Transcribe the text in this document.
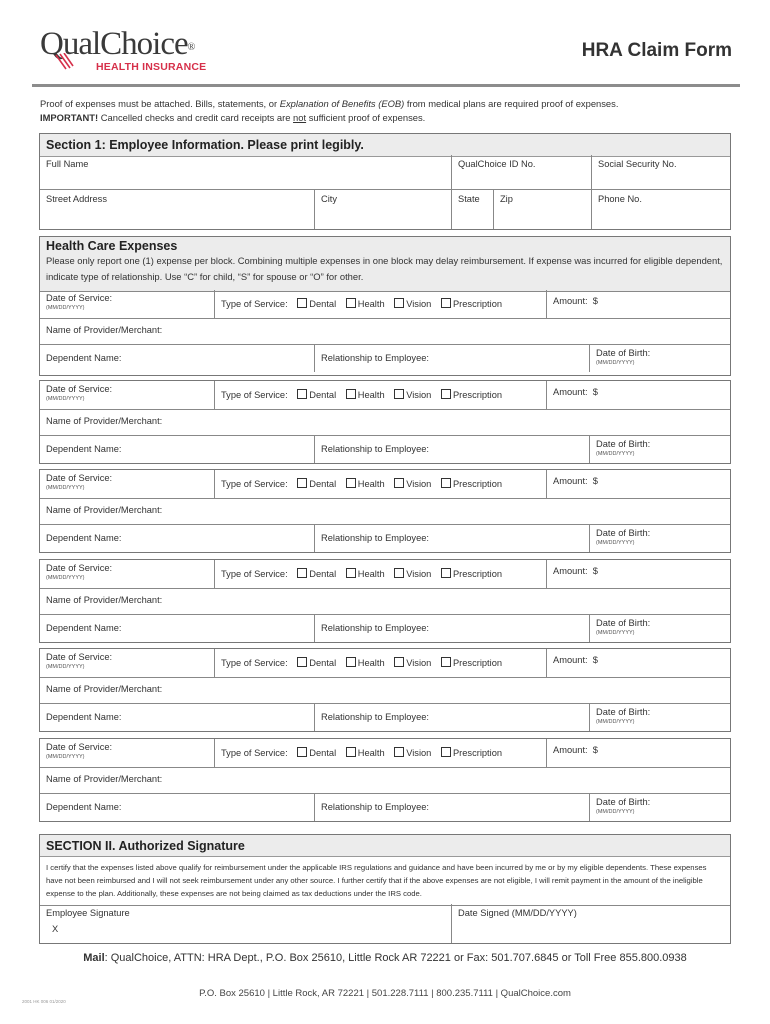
QualChoice®
HEALTH INSURANCE
HRA Claim Form
Proof of expenses must be attached. Bills, statements, or Explanation of Benefits (EOB) from medical plans are required proof of expenses.
IMPORTANT! Cancelled checks and credit card receipts are not sufficient proof of expenses.
Section 1: Employee Information. Please print legibly.
Full Name	QualChoice ID No.	Social Security No.
Street Address	City	State	Zip	Phone No.
Health Care Expenses
Please only report one (1) expense per block. Combining multiple expenses in one block may delay reimbursement. If expense was incurred for eligible dependent, indicate type of relationship. Use “C” for child, “S” for spouse or “O” for other.
Date of Service:
(MM/DD/YYYY)	Type of Service: Dental Health Vision Prescription	Amount: $
Name of Provider/Merchant:
Dependent Name:	Relationship to Employee:	Date of Birth:
(MM/DD/YYYY)
Date of Service:
(MM/DD/YYYY)	Type of Service: Dental Health Vision Prescription	Amount: $
Name of Provider/Merchant:
Dependent Name:	Relationship to Employee:	Date of Birth:
(MM/DD/YYYY)
Date of Service:
(MM/DD/YYYY)	Type of Service: Dental Health Vision Prescription	Amount: $
Name of Provider/Merchant:
Dependent Name:	Relationship to Employee:	Date of Birth:
(MM/DD/YYYY)
Date of Service:
(MM/DD/YYYY)	Type of Service: Dental Health Vision Prescription	Amount: $
Name of Provider/Merchant:
Dependent Name:	Relationship to Employee:	Date of Birth:
(MM/DD/YYYY)
Date of Service:
(MM/DD/YYYY)	Type of Service: Dental Health Vision Prescription	Amount: $
Name of Provider/Merchant:
Dependent Name:	Relationship to Employee:	Date of Birth:
(MM/DD/YYYY)
Date of Service:
(MM/DD/YYYY)	Type of Service: Dental Health Vision Prescription	Amount: $
Name of Provider/Merchant:
Dependent Name:	Relationship to Employee:	Date of Birth:
(MM/DD/YYYY)
SECTION II. Authorized Signature
I certify that the expenses listed above qualify for reimbursement under the applicable IRS regulations and guidance and have been incurred by me or by my eligible dependents. These expenses have not been reimbursed and I will not seek reimbursement under any other source. I further certify that if the above expenses are not eligible, I will remit payment in the amount of the ineligible expense to the plan. Additionally, these expenses are not being claimed as tax deductions under the IRS code.
Employee Signature
X
Date Signed (MM/DD/YYYY)
Mail: QualChoice, ATTN: HRA Dept., P.O. Box 25610, Little Rock AR 72221 or Fax: 501.707.6845 or Toll Free 855.800.0938
P.O. Box 25610 | Little Rock, AR 72221 | 501.228.7111 | 800.235.7111 | QualChoice.com
2001 HK 006 01/2020
